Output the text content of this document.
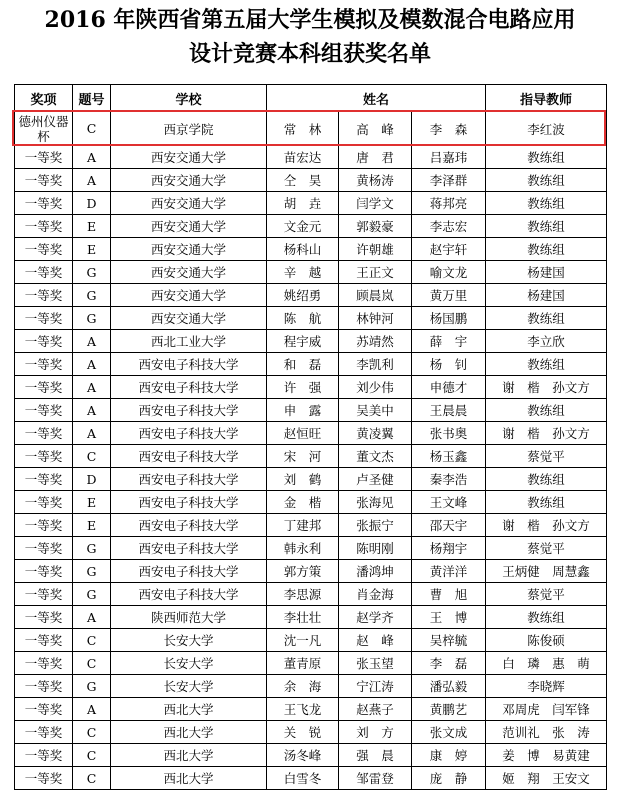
2016 年陕西省第五届大学生模拟及模数混合电路应用
设计竞赛本科组获奖名单
奖项	题号	学校	姓名			指导教师
德州仪器杯	C	西京学院	常　林	高　峰	李　森	李红波
一等奖	A	西安交通大学	苗宏达	唐　君	吕嘉玮	教练组
一等奖	A	西安交通大学	仝　昊	黄杨涛	李泽群	教练组
一等奖	D	西安交通大学	胡　垚	闫学文	蒋邦亮	教练组
一等奖	E	西安交通大学	文金元	郭毅豪	李志宏	教练组
一等奖	E	西安交通大学	杨科山	许朝雄	赵宇轩	教练组
一等奖	G	西安交通大学	辛　越	王正文	喻文龙	杨建国
一等奖	G	西安交通大学	姚绍勇	顾晨岚	黄万里	杨建国
一等奖	G	西安交通大学	陈　航	林钟河	杨国鹏	教练组
一等奖	A	西北工业大学	程宇威	苏靖然	薛　宇	李立欣
一等奖	A	西安电子科技大学	和　磊	李凯利	杨　钊	教练组
一等奖	A	西安电子科技大学	许　强	刘少伟	申德才	谢　楷　孙文方
一等奖	A	西安电子科技大学	申　露	吴美中	王晨晨	教练组
一等奖	A	西安电子科技大学	赵恒旺	黄凌翼	张书奥	谢　楷　孙文方
一等奖	C	西安电子科技大学	宋　河	董文杰	杨玉鑫	蔡觉平
一等奖	D	西安电子科技大学	刘　鹤	卢圣健	秦李浩	教练组
一等奖	E	西安电子科技大学	金　楷	张海见	王文峰	教练组
一等奖	E	西安电子科技大学	丁建邦	张振宁	邵天宇	谢　楷　孙文方
一等奖	G	西安电子科技大学	韩永利	陈明刚	杨翔宇	蔡觉平
一等奖	G	西安电子科技大学	郭方策	潘鸿坤	黄洋洋	王炳健　周慧鑫
一等奖	G	西安电子科技大学	李思源	肖金海	曹　旭	蔡觉平
一等奖	A	陕西师范大学	李壮壮	赵学齐	王　博	教练组
一等奖	C	长安大学	沈一凡	赵　峰	吴梓毓	陈俊硕
一等奖	C	长安大学	董青原	张玉望	李　磊	白　璘　惠　萌
一等奖	G	长安大学	余　海	宁江涛	潘弘毅	李晓辉
一等奖	A	西北大学	王飞龙	赵燕子	黄鹏艺	邓周虎　闫军锋
一等奖	C	西北大学	关　锐	刘　方	张文成	范训礼　张　涛
一等奖	C	西北大学	汤冬峰	强　晨	康　婷	姜　博　易黄建
一等奖	C	西北大学	白雪冬	邹雷登	庞　静	姬　翔　王安文
